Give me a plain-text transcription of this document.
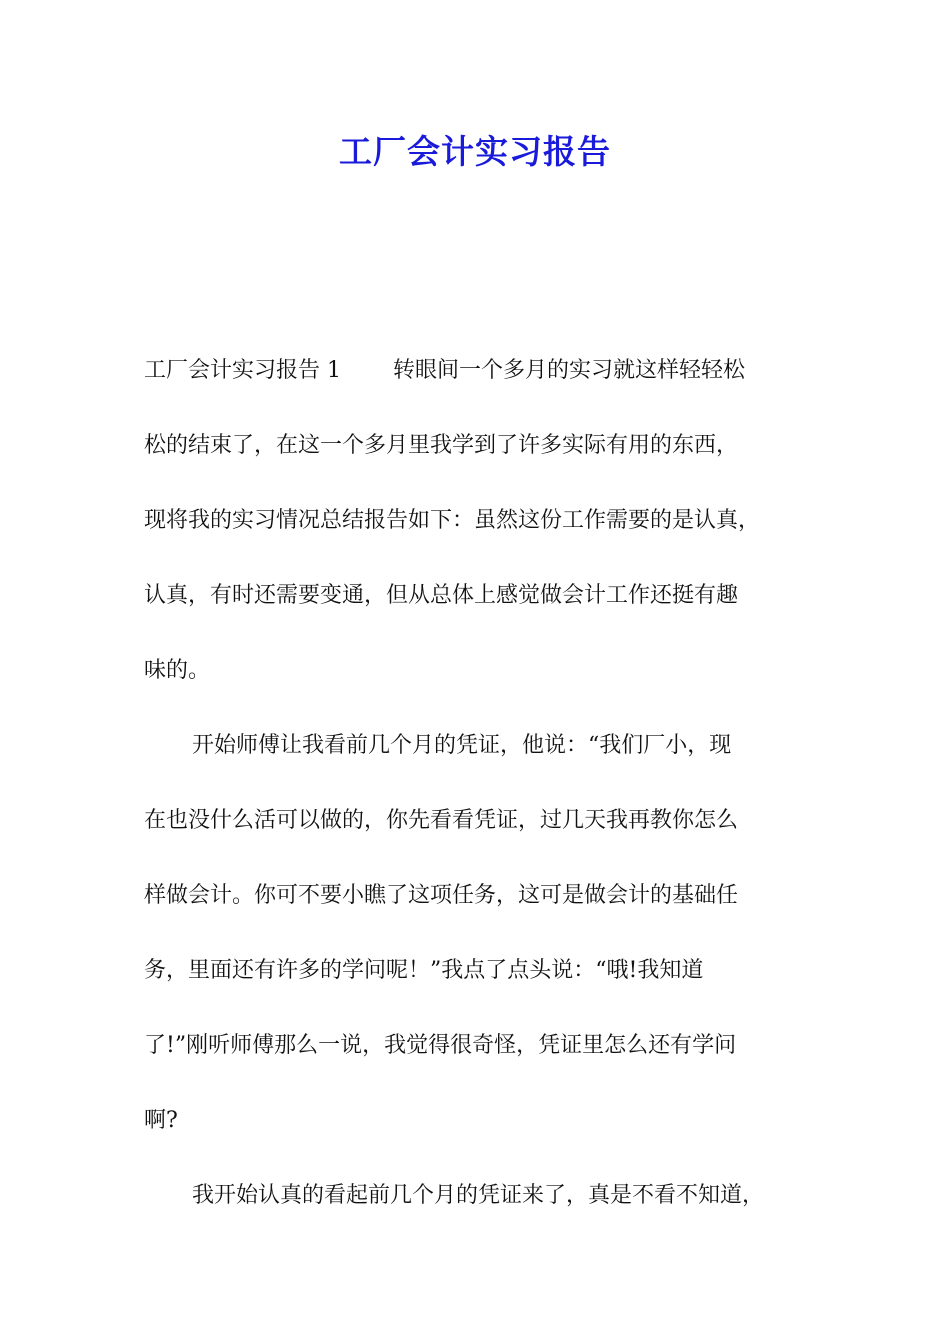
工厂会计实习报告
工厂会计实习报告 1 转眼间一个多月的实习就这样轻轻松
松的结束了，在这一个多月里我学到了许多实际有用的东西，
现将我的实习情况总结报告如下：虽然这份工作需要的是认真，
认真，有时还需要变通，但从总体上感觉做会计工作还挺有趣
味的。
开始师傅让我看前几个月的凭证，他说：“我们厂小，现
在也没什么活可以做的，你先看看凭证，过几天我再教你怎么
样做会计。你可不要小瞧了这项任务，这可是做会计的基础任
务，里面还有许多的学问呢！”我点了点头说：“哦!我知道
了!”刚听师傅那么一说，我觉得很奇怪，凭证里怎么还有学问
啊?
我开始认真的看起前几个月的凭证来了，真是不看不知道，
